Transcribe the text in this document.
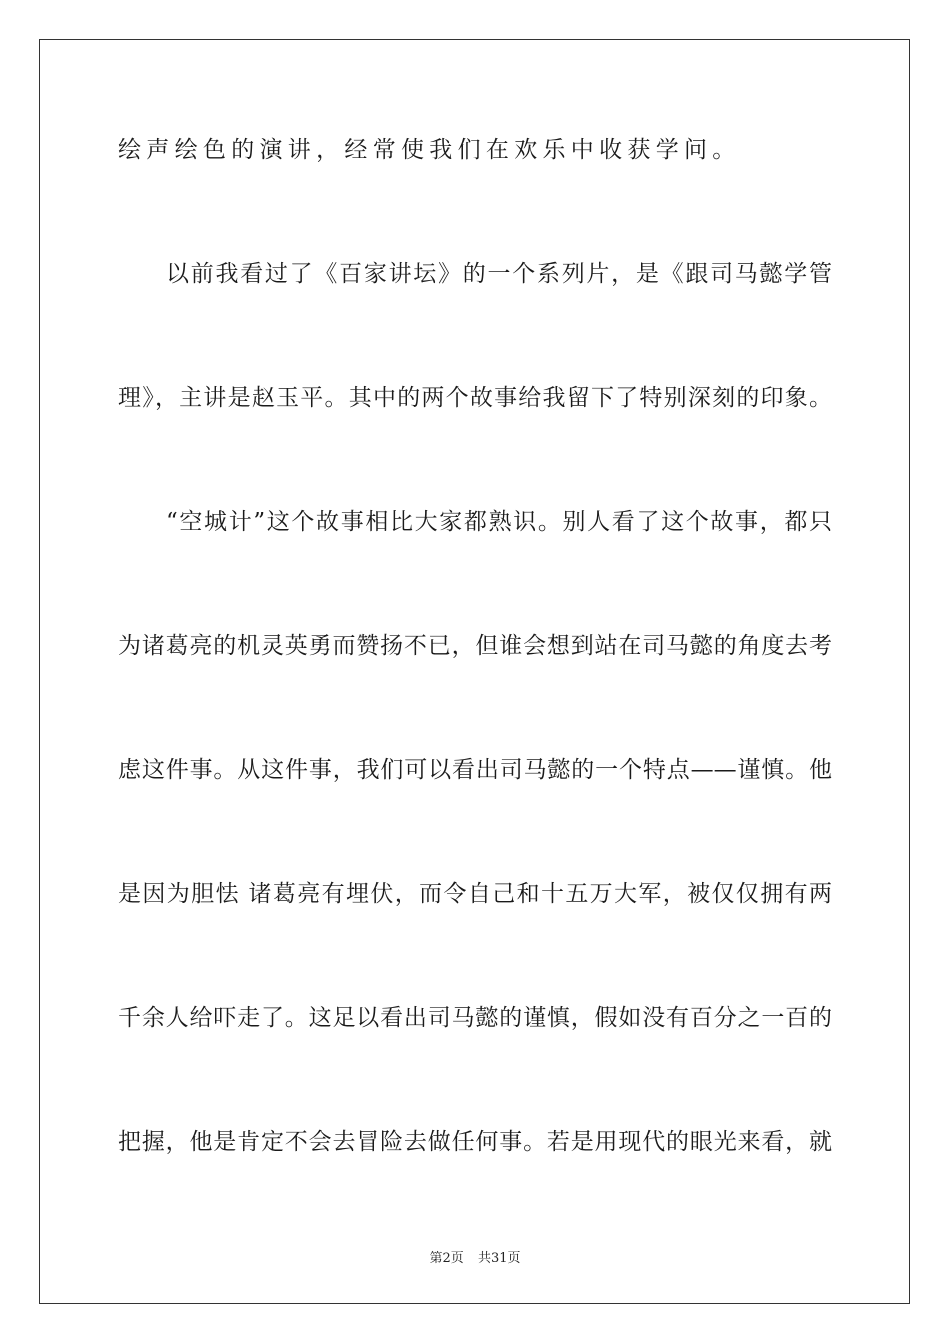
绘声绘色的演讲，经常使我们在欢乐中收获学问。
以前我看过了《百家讲坛》的一个系列片，是《跟司马懿学管
理》，主讲是赵玉平。其中的两个故事给我留下了特别深刻的印象。
“空城计”这个故事相比大家都熟识。别人看了这个故事，都只
为诸葛亮的机灵英勇而赞扬不已，但谁会想到站在司马懿的角度去考
虑这件事。从这件事，我们可以看出司马懿的一个特点——谨慎。他
是因为胆怯 诸葛亮有埋伏，而令自己和十五万大军，被仅仅拥有两
千余人给吓走了。这足以看出司马懿的谨慎，假如没有百分之一百的
把握，他是肯定不会去冒险去做任何事。若是用现代的眼光来看，就
第2页 共31页
